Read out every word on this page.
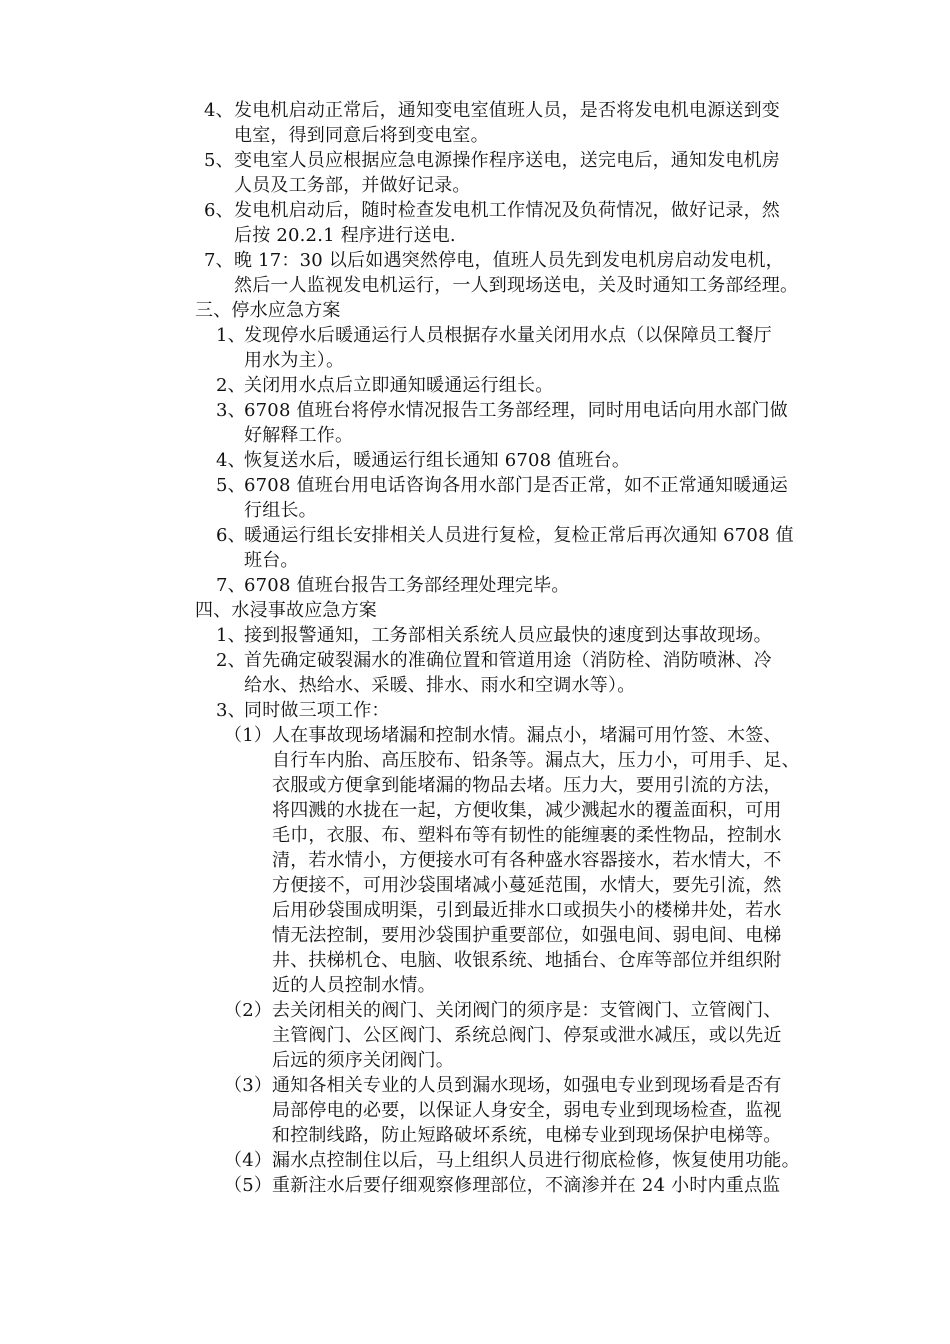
4、 发电机启动正常后，通知变电室值班人员，是否将发电机电源送到变
电室，得到同意后将到变电室。
5、 变电室人员应根据应急电源操作程序送电，送完电后，通知发电机房
人员及工务部，并做好记录。
6、 发电机启动后，随时检查发电机工作情况及负荷情况，做好记录，然
后按 20.2.1 程序进行送电.
7、 晚 17：30 以后如遇突然停电，值班人员先到发电机房启动发电机，
然后一人监视发电机运行，一人到现场送电，关及时通知工务部经理。
三、停水应急方案
1、
发现停水后暖通运行人员根据存水量关闭用水点（以保障员工餐厅
用水为主）。
2、
关闭用水点后立即通知暖通运行组长。
3、
6708 值班台将停水情况报告工务部经理，同时用电话向用水部门做
好解释工作。
4、
恢复送水后，暖通运行组长通知 6708 值班台。
5、
6708 值班台用电话咨询各用水部门是否正常，如不正常通知暖通运
行组长。
6、
暖通运行组长安排相关人员进行复检，复检正常后再次通知 6708 值
班台。
7、
6708 值班台报告工务部经理处理完毕。
四、水浸事故应急方案
1、
接到报警通知，工务部相关系统人员应最快的速度到达事故现场。
2、
首先确定破裂漏水的准确位置和管道用途（消防栓、消防喷淋、冷
给水、热给水、采暖、排水、雨水和空调水等）。
3、
同时做三项工作：
（1） 人在事故现场堵漏和控制水情。漏点小，堵漏可用竹签、木签、
自行车内胎、高压胶布、铅条等。漏点大，压力小，可用手、足、
衣服或方便拿到能堵漏的物品去堵。压力大，要用引流的方法，
将四溅的水拢在一起，方便收集，减少溅起水的覆盖面积，可用
毛巾，衣服、布、塑料布等有韧性的能缠裹的柔性物品，控制水
清，若水情小，方便接水可有各种盛水容器接水，若水情大，不
方便接不，可用沙袋围堵减小蔓延范围，水情大，要先引流，然
后用砂袋围成明渠，引到最近排水口或损失小的楼梯井处，若水
情无法控制，要用沙袋围护重要部位，如强电间、弱电间、电梯
井、扶梯机仓、电脑、收银系统、地插台、仓库等部位并组织附
近的人员控制水情。
（2） 去关闭相关的阀门、关闭阀门的须序是：支管阀门、立管阀门、
主管阀门、公区阀门、系统总阀门、停泵或泄水减压，或以先近
后远的须序关闭阀门。
（3） 通知各相关专业的人员到漏水现场，如强电专业到现场看是否有
局部停电的必要，以保证人身安全，弱电专业到现场检查，监视
和控制线路，防止短路破坏系统，电梯专业到现场保护电梯等。
（4） 漏水点控制住以后，马上组织人员进行彻底检修，恢复使用功能。
（5） 重新注水后要仔细观察修理部位，不滴渗并在 24 小时内重点监
